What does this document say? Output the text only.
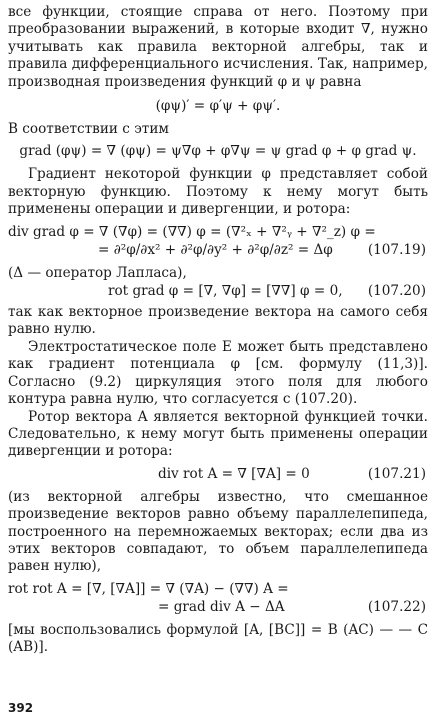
все функции, стоящие справа от него. Поэтому при преобразовании выражений, в которые входит ∇, нужно учитывать как правила векторной алгебры, так и правила дифференциального исчисления. Так, например, производная произведения функций φ и ψ равна

(φψ)′ = φ′ψ + φψ′.

В соответствии с этим

grad (φψ) = ∇ (φψ) = ψ∇φ + φ∇ψ = ψ grad φ + φ grad ψ.

Градиент некоторой функции φ представляет собой векторную функцию. Поэтому к нему могут быть применены операции и дивергенции, и ротора:

div grad φ = ∇ (∇φ) = (∇∇) φ = (∇²ₓ + ∇²ᵧ + ∇²_z) φ =
= ∂²φ/∂x² + ∂²φ/∂y² + ∂²φ/∂z² = Δφ	(107.19)

(Δ — оператор Лапласа),

rot grad φ = [∇, ∇φ] = [∇∇] φ = 0, (107.20)

так как векторное произведение вектора на самого себя равно нулю.

Электростатическое поле E может быть представлено как градиент потенциала φ [см. формулу (11,3)]. Согласно (9.2) циркуляция этого поля для любого контура равна нулю, что согласуется с (107.20).

Ротор вектора A является векторной функцией точки. Следовательно, к нему могут быть применены операции дивергенции и ротора:

div rot A = ∇ [∇A] = 0	(107.21)

(из векторной алгебры известно, что смешанное произведение векторов равно объему параллелепипеда, построенного на перемножаемых векторах; если два из этих векторов совпадают, то объем параллелепипеда равен нулю),

rot rot A = [∇, [∇A]] = ∇ (∇A) − (∇∇) A =
= grad div A − ΔA	(107.22)

[мы воспользовались формулой [A, [BC]] = B (AC) — — C (AB)].

392
